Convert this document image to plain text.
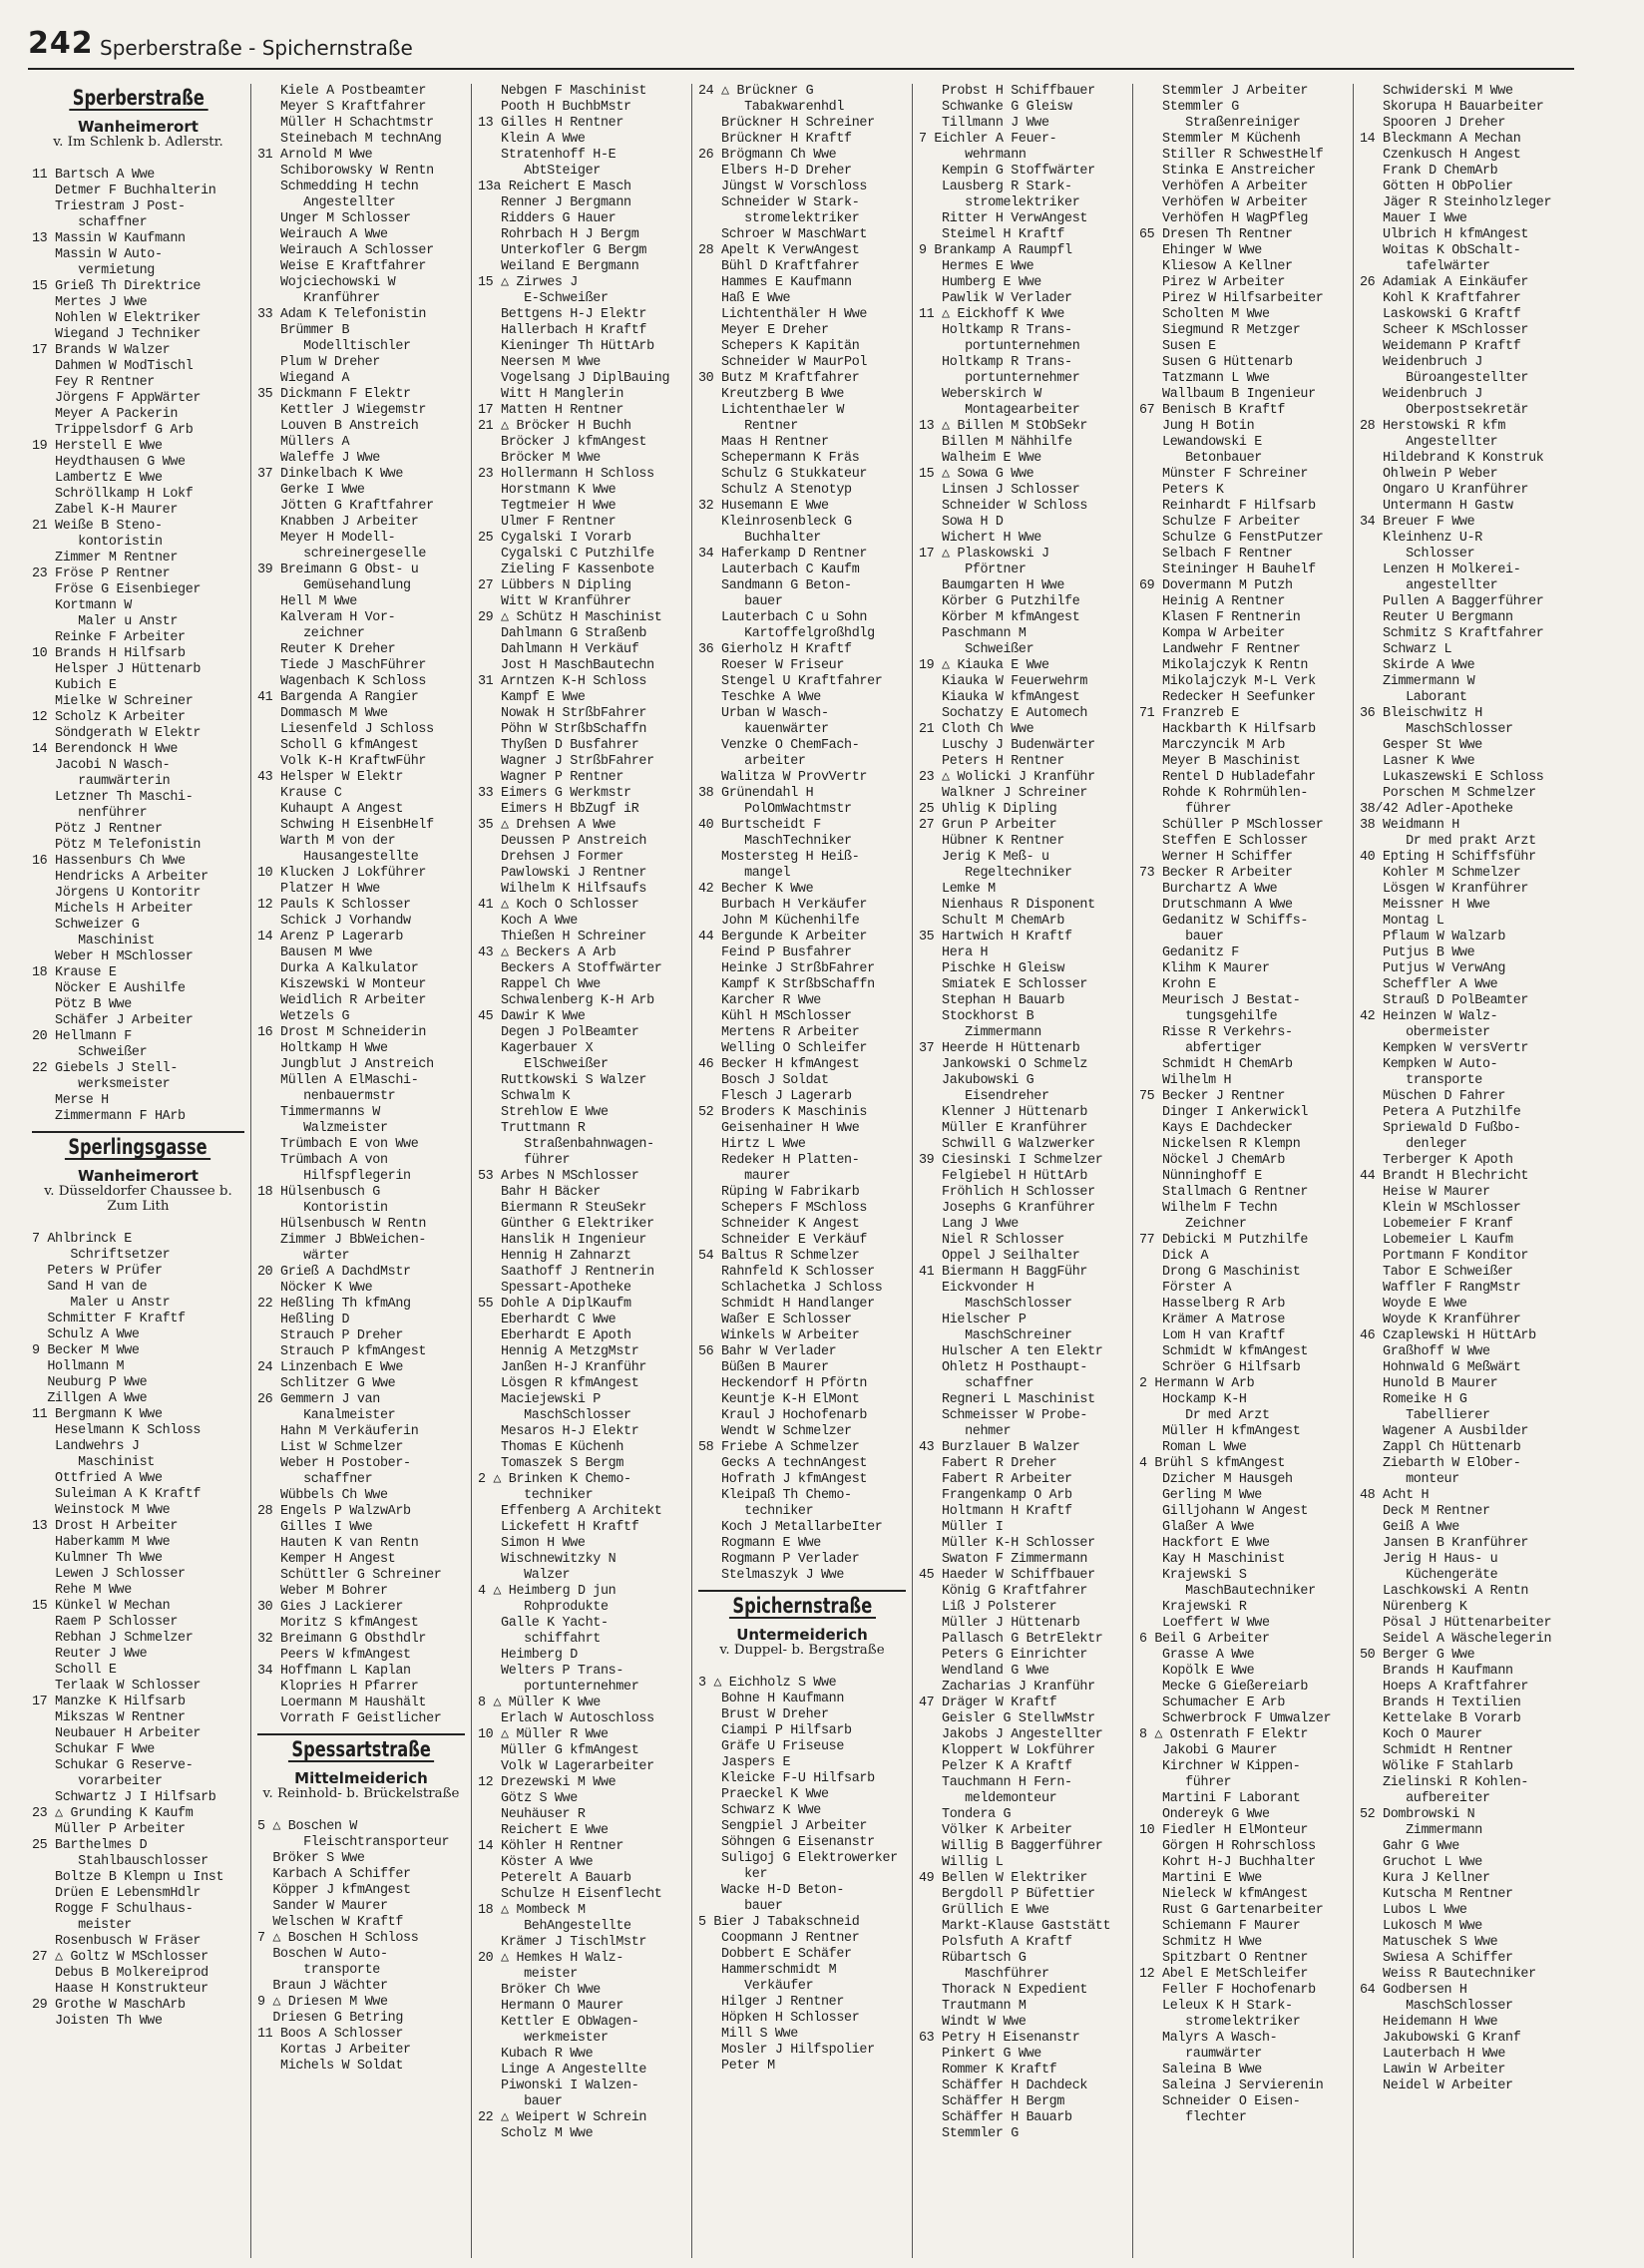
242 Sperberstraße - Spichernstraße
Sperberstraße
Wanheimerort
v. Im Schlenk b. Adlerstr.
11 Bartsch A Wwe
Detmer F Buchhalterin
Triestram J Post-
schaffner
13 Massin W Kaufmann
Massin W Auto-
vermietung
15 Grieß Th Direktrice
Mertes J Wwe
Nohlen W Elektriker
Wiegand J Techniker
17 Brands W Walzer
Dahmen W ModTischl
Fey R Rentner
Jörgens F AppWärter
Meyer A Packerin
Trippelsdorf G Arb
19 Herstell E Wwe
Heydthausen G Wwe
Lambertz E Wwe
Schröllkamp H Lokf
Zabel K-H Maurer
21 Weiße B Steno-
kontoristin
Zimmer M Rentner
23 Fröse P Rentner
Fröse G Eisenbieger
Kortmann W
Maler u Anstr
Reinke F Arbeiter
10 Brands H Hilfsarb
Helsper J Hüttenarb
Kubich E
Mielke W Schreiner
12 Scholz K Arbeiter
Söndgerath W Elektr
14 Berendonck H Wwe
Jacobi N Wasch-
raumwärterin
Letzner Th Maschi-
nenführer
Pötz J Rentner
Pötz M Telefonistin
16 Hassenburs Ch Wwe
Hendricks A Arbeiter
Jörgens U Kontoritr
Michels H Arbeiter
Schweizer G
Maschinist
Weber H MSchlosser
18 Krause E
Nöcker E Aushilfe
Pötz B Wwe
Schäfer J Arbeiter
20 Hellmann F
Schweißer
22 Giebels J Stell-
werksmeister
Merse H
Zimmermann F HArb
Sperlingsgasse
Wanheimerort
v. Düsseldorfer Chaussee b. Zum Lith
7 Ahlbrinck E
Schriftsetzer
Peters W Prüfer
Sand H van de
Maler u Anstr
Schmitter F Kraftf
Schulz A Wwe
9 Becker M Wwe
Hollmann M
Neuburg P Wwe
Zillgen A Wwe
11 Bergmann K Wwe
Heselmann K Schloss
Landwehrs J
Maschinist
Ottfried A Wwe
Suleiman A K Kraftf
Weinstock M Wwe
13 Drost H Arbeiter
Haberkamm M Wwe
Kulmner Th Wwe
Lewen J Schlosser
Rehe M Wwe
15 Künkel W Mechan
Raem P Schlosser
Rebhan J Schmelzer
Reuter J Wwe
Scholl E
Terlaak W Schlosser
17 Manzke K Hilfsarb
Mikszas W Rentner
Neubauer H Arbeiter
Schukar F Wwe
Schukar G Reserve-
vorarbeiter
Schwartz J I Hilfsarb
23 △ Grunding K Kaufm
Müller P Arbeiter
25 Barthelmes D
Stahlbauschlosser
Boltze B Klempn u Inst
Drüen E LebensmHdlr
Rogge F Schulhaus-
meister
Rosenbusch W Fräser
27 △ Goltz W MSchlosser
Debus B Molkereiprod
Haase H Konstrukteur
29 Grothe W MaschArb
Joisten Th Wwe
Kiele A Postbeamter
Meyer S Kraftfahrer
Müller H Schachtmstr
Steinebach M technAng
31 Arnold M Wwe
Schiborowsky W Rentn
Schmedding H techn
Angestellter
Unger M Schlosser
Weirauch A Wwe
Weirauch A Schlosser
Weise E Kraftfahrer
Wojciechowski W
Kranführer
33 Adam K Telefonistin
Brümmer B
Modelltischler
Plum W Dreher
Wiegand A
35 Dickmann F Elektr
Kettler J Wiegemstr
Louven B Anstreich
Müllers A
Waleffe J Wwe
37 Dinkelbach K Wwe
Gerke I Wwe
Jötten G Kraftfahrer
Knabben J Arbeiter
Meyer H Modell-
schreinergeselle
39 Breimann G Obst- u
Gemüsehandlung
Hell M Wwe
Kalveram H Vor-
zeichner
Reuter K Dreher
Tiede J MaschFührer
Wagenbach K Schloss
41 Bargenda A Rangier
Dommasch M Wwe
Liesenfeld J Schloss
Scholl G kfmAngest
Volk K-H KraftwFühr
43 Helsper W Elektr
Krause C
Kuhaupt A Angest
Schwing H EisenbHelf
Warth M von der
Hausangestellte
10 Klucken J Lokführer
Platzer H Wwe
12 Pauls K Schlosser
Schick J Vorhandw
14 Arenz P Lagerarb
Bausen M Wwe
Durka A Kalkulator
Kiszewski W Monteur
Weidlich R Arbeiter
Wetzels G
16 Drost M Schneiderin
Holtkamp H Wwe
Jungblut J Anstreich
Müllen A ElMaschi-
nenbauermstr
Timmermanns W
Walzmeister
Trümbach E von Wwe
Trümbach A von
Hilfspflegerin
18 Hülsenbusch G
Kontoristin
Hülsenbusch W Rentn
Zimmer J BbWeichen-
wärter
20 Grieß A DachdMstr
Nöcker K Wwe
22 Heßling Th kfmAng
Heßling D
Strauch P Dreher
Strauch P kfmAngest
24 Linzenbach E Wwe
Schlitzer G Wwe
26 Gemmern J van
Kanalmeister
Hahn M Verkäuferin
List W Schmelzer
Weber H Postober-
schaffner
Wübbels Ch Wwe
28 Engels P WalzwArb
Gilles I Wwe
Hauten K van Rentn
Kemper H Angest
Schüttler G Schreiner
Weber M Bohrer
30 Gies J Lackierer
Moritz S kfmAngest
32 Breimann G Obsthdlr
Peers W kfmAngest
34 Hoffmann L Kaplan
Klopries H Pfarrer
Loermann M Haushält
Vorrath F Geistlicher
Spessartstraße
Mittelmeiderich
v. Reinhold- b. Brückelstraße
5 △ Boschen W
Fleischtransporteur
Bröker S Wwe
Karbach A Schiffer
Köpper J kfmAngest
Sander W Maurer
Welschen W Kraftf
7 △ Boschen H Schloss
Boschen W Auto-
transporte
Braun J Wächter
9 △ Driesen M Wwe
Driesen G Betring
11 Boos A Schlosser
Kortas J Arbeiter
Michels W Soldat
Nebgen F Maschinist
Pooth H BuchbMstr
13 Gilles H Rentner
Klein A Wwe
Stratenhoff H-E
AbtSteiger
13a Reichert E Masch
Renner J Bergmann
Ridders G Hauer
Rohrbach H J Bergm
Unterkofler G Bergm
Weiland E Bergmann
15 △ Zirwes J
E-Schweißer
Bettgens H-J Elektr
Hallerbach H Kraftf
Kieninger Th HüttArb
Neersen M Wwe
Vogelsang J DiplBauing
Witt H Manglerin
17 Matten H Rentner
21 △ Bröcker H Buchh
Bröcker J kfmAngest
Bröcker M Wwe
23 Hollermann H Schloss
Horstmann K Wwe
Tegtmeier H Wwe
Ulmer F Rentner
25 Cygalski I Vorarb
Cygalski C Putzhilfe
Zieling F Kassenbote
27 Lübbers N Dipling
Witt W Kranführer
29 △ Schütz H Maschinist
Dahlmann G Straßenb
Dahlmann H Verkäuf
Jost H MaschBautechn
31 Arntzen K-H Schloss
Kampf E Wwe
Nowak H StrßbFahrer
Pöhn W StrßbSchaffn
Thyßen D Busfahrer
Wagner J StrßbFahrer
Wagner P Rentner
33 Eimers G Werkmstr
Eimers H BbZugf iR
35 △ Drehsen A Wwe
Deussen P Anstreich
Drehsen J Former
Pawlowski J Rentner
Wilhelm K Hilfsaufs
41 △ Koch O Schlosser
Koch A Wwe
Thießen H Schreiner
43 △ Beckers A Arb
Beckers A Stoffwärter
Rappel Ch Wwe
Schwalenberg K-H Arb
45 Dawir K Wwe
Degen J PolBeamter
Kagerbauer X
ElSchweißer
Ruttkowski S Walzer
Schwalm K
Strehlow E Wwe
Truttmann R
Straßenbahnwagen-
führer
53 Arbes N MSchlosser
Bahr H Bäcker
Biermann R SteuSekr
Günther G Elektriker
Hanslik H Ingenieur
Hennig H Zahnarzt
Saathoff J Rentnerin
Spessart-Apotheke
55 Dohle A DiplKaufm
Eberhardt C Wwe
Eberhardt E Apoth
Hennig A MetzgMstr
Janßen H-J Kranführ
Lösgen R kfmAngest
Maciejewski P
MaschSchlosser
Mesaros H-J Elektr
Thomas E Küchenh
Tomaszek S Bergm
2 △ Brinken K Chemo-
techniker
Effenberg A Architekt
Lickefett H Kraftf
Simon H Wwe
Wischnewitzky N
Walzer
4 △ Heimberg D jun
Rohprodukte
Galle K Yacht-
schiffahrt
Heimberg D
Welters P Trans-
portunternehmer
8 △ Müller K Wwe
Erlach W Autoschloss
10 △ Müller R Wwe
Müller G kfmAngest
Volk W Lagerarbeiter
12 Drezewski M Wwe
Götz S Wwe
Neuhäuser R
Reichert E Wwe
14 Köhler H Rentner
Köster A Wwe
Peterelt A Bauarb
Schulze H Eisenflecht
18 △ Mombeck M
BehAngestellte
Krämer J TischlMstr
20 △ Hemkes H Walz-
meister
Bröker Ch Wwe
Hermann O Maurer
Kettler E ObWagen-
werkmeister
Kubach R Wwe
Linge A Angestellte
Piwonski I Walzen-
bauer
22 △ Weipert W Schrein
Scholz M Wwe
24 △ Brückner G
Tabakwarenhdl
Brückner H Schreiner
Brückner H Kraftf
26 Brögmann Ch Wwe
Elbers H-D Dreher
Jüngst W Vorschloss
Schneider W Stark-
stromelektriker
Schroer W MaschWart
28 Apelt K VerwAngest
Bühl D Kraftfahrer
Hammes E Kaufmann
Haß E Wwe
Lichtenthäler H Wwe
Meyer E Dreher
Schepers K Kapitän
Schneider W MaurPol
30 Butz M Kraftfahrer
Kreutzberg B Wwe
Lichtenthaeler W
Rentner
Maas H Rentner
Schepermann K Fräs
Schulz G Stukkateur
Schulz A Stenotyp
32 Husemann E Wwe
Kleinrosenbleck G
Buchhalter
34 Haferkamp D Rentner
Lauterbach C Kaufm
Sandmann G Beton-
bauer
Lauterbach C u Sohn
Kartoffelgroßhdlg
36 Gierholz H Kraftf
Roeser W Friseur
Stengel U Kraftfahrer
Teschke A Wwe
Urban W Wasch-
kauenwärter
Venzke O ChemFach-
arbeiter
Walitza W ProvVertr
38 Grünendahl H
PolOmWachtmstr
40 Burtscheidt F
MaschTechniker
Mostersteg H Heiß-
mangel
42 Becher K Wwe
Burbach H Verkäufer
John M Küchenhilfe
44 Bergunde K Arbeiter
Feind P Busfahrer
Heinke J StrßbFahrer
Kampf K StrßbSchaffn
Karcher R Wwe
Kühl H MSchlosser
Mertens R Arbeiter
Welling O Schleifer
46 Becker H kfmAngest
Bosch J Soldat
Flesch J Lagerarb
52 Broders K Maschinis
Geisenhainer H Wwe
Hirtz L Wwe
Redeker H Platten-
maurer
Rüping W Fabrikarb
Schepers F MSchloss
Schneider K Angest
Schneider E Verkäuf
54 Baltus R Schmelzer
Rahnfeld K Schlosser
Schlachetka J Schloss
Schmidt H Handlanger
Waßer E Schlosser
Winkels W Arbeiter
56 Bahr W Verlader
Büßen B Maurer
Heckendorf H Pförtn
Keuntje K-H ElMont
Kraul J Hochofenarb
Wendt W Schmelzer
58 Friebe A Schmelzer
Gecks A technAngest
Hofrath J kfmAngest
Kleipaß Th Chemo-
techniker
Koch J MetallarbeIter
Rogmann E Wwe
Rogmann P Verlader
Stelmaszyk J Wwe
Spichernstraße
Untermeiderich
v. Duppel- b. Bergstraße
3 △ Eichholz S Wwe
Bohne H Kaufmann
Brust W Dreher
Ciampi P Hilfsarb
Gräfe U Friseuse
Jaspers E
Kleicke F-U Hilfsarb
Praeckel K Wwe
Schwarz K Wwe
Sengpiel J Arbeiter
Söhngen G Eisenanstr
Suligoj G Elektrowerker
ker
Wacke H-D Beton-
bauer
5 Bier J Tabakschneid
Coopmann J Rentner
Dobbert E Schäfer
Hammerschmidt M
Verkäufer
Hilger J Rentner
Höpken H Schlosser
Mill S Wwe
Mosler J Hilfspolier
Peter M
Probst H Schiffbauer
Schwanke G Gleisw
Tillmann J Wwe
7 Eichler A Feuer-
wehrmann
Kempin G Stoffwärter
Lausberg R Stark-
stromelektriker
Ritter H VerwAngest
Steimel H Kraftf
9 Brankamp A Raumpfl
Hermes E Wwe
Humberg E Wwe
Pawlik W Verlader
11 △ Eickhoff K Wwe
Holtkamp R Trans-
portunternehmen
Holtkamp R Trans-
portunternehmer
Weberskirch W
Montagearbeiter
13 △ Billen M StObSekr
Billen M Nähhilfe
Walheim E Wwe
15 △ Sowa G Wwe
Linsen J Schlosser
Schneider W Schloss
Sowa H D
Wichert H Wwe
17 △ Plaskowski J
Pförtner
Baumgarten H Wwe
Körber G Putzhilfe
Körber M kfmAngest
Paschmann M
Schweißer
19 △ Kiauka E Wwe
Kiauka W Feuerwehrm
Kiauka W kfmAngest
Sochatzy E Automech
21 Cloth Ch Wwe
Luschy J Budenwärter
Peters H Rentner
23 △ Wolicki J Kranführ
Walkner J Schreiner
25 Uhlig K Dipling
27 Grun P Arbeiter
Hübner K Rentner
Jerig K Meß- u
Regeltechniker
Lemke M
Nienhaus R Disponent
Schult M ChemArb
35 Hartwich H Kraftf
Hera H
Pischke H Gleisw
Smiatek E Schlosser
Stephan H Bauarb
Stockhorst B
Zimmermann
37 Heerde H Hüttenarb
Jankowski O Schmelz
Jakubowski G
Eisendreher
Klenner J Hüttenarb
Müller E Kranführer
Schwill G Walzwerker
39 Ciesinski I Schmelzer
Felgiebel H HüttArb
Fröhlich H Schlosser
Josephs G Kranführer
Lang J Wwe
Niel R Schlosser
Oppel J Seilhalter
41 Biermann H BaggFühr
Eickvonder H
MaschSchlosser
Hielscher P
MaschSchreiner
Hulscher A ten Elektr
Ohletz H Posthaupt-
schaffner
Regneri L Maschinist
Schmeisser W Probe-
nehmer
43 Burzlauer B Walzer
Fabert R Dreher
Fabert R Arbeiter
Frangenkamp O Arb
Holtmann H Kraftf
Müller I
Müller K-H Schlosser
Swaton F Zimmermann
45 Haeder W Schiffbauer
König G Kraftfahrer
Liß J Polsterer
Müller J Hüttenarb
Pallasch G BetrElektr
Peters G Einrichter
Wendland G Wwe
Zacharias J Kranführ
47 Dräger W Kraftf
Geisler G StellwMstr
Jakobs J Angestellter
Kloppert W Lokführer
Pelzer K A Kraftf
Tauchmann H Fern-
meldemonteur
Tondera G
Völker K Arbeiter
Willig B Baggerführer
Willig L
49 Bellen W Elektriker
Bergdoll P Büfettier
Grüllich E Wwe
Markt-Klause Gaststätt
Polsfuth A Kraftf
Rübartsch G
Maschführer
Thorack N Expedient
Trautmann M
Windt W Wwe
63 Petry H Eisenanstr
Pinkert G Wwe
Rommer K Kraftf
Schäffer H Dachdeck
Schäffer H Bergm
Schäffer H Bauarb
Stemmler G
Stemmler J Arbeiter
Stemmler G
Straßenreiniger
Stemmler M Küchenh
Stiller R SchwestHelf
Stinka E Anstreicher
Verhöfen A Arbeiter
Verhöfen W Arbeiter
Verhöfen H WagPfleg
65 Dresen Th Rentner
Ehinger W Wwe
Kliesow A Kellner
Pirez W Arbeiter
Pirez W Hilfsarbeiter
Scholten M Wwe
Siegmund R Metzger
Susen E
Susen G Hüttenarb
Tatzmann L Wwe
Wallbaum B Ingenieur
67 Benisch B Kraftf
Jung H Botin
Lewandowski E
Betonbauer
Münster F Schreiner
Peters K
Reinhardt F Hilfsarb
Schulze F Arbeiter
Schulze G FenstPutzer
Selbach F Rentner
Steininger H Bauhelf
69 Dovermann M Putzh
Heinig A Rentner
Klasen F Rentnerin
Kompa W Arbeiter
Landwehr F Rentner
Mikolajczyk K Rentn
Mikolajczyk M-L Verk
Redecker H Seefunker
71 Franzreb E
Hackbarth K Hilfsarb
Marczyncik M Arb
Meyer B Maschinist
Rentel D Hubladefahr
Rohde K Rohrmühlen-
führer
Schüller P MSchlosser
Steffen E Schlosser
Werner H Schiffer
73 Becker R Arbeiter
Burchartz A Wwe
Drutschmann A Wwe
Gedanitz W Schiffs-
bauer
Gedanitz F
Klihm K Maurer
Krohn E
Meurisch J Bestat-
tungsgehilfe
Risse R Verkehrs-
abfertiger
Schmidt H ChemArb
Wilhelm H
75 Becker J Rentner
Dinger I Ankerwickl
Kays E Dachdecker
Nickelsen R Klempn
Nöckel J ChemArb
Nünninghoff E
Stallmach G Rentner
Wilhelm F Techn
Zeichner
77 Debicki M Putzhilfe
Dick A
Drong G Maschinist
Förster A
Hasselberg R Arb
Krämer A Matrose
Lom H van Kraftf
Schmidt W kfmAngest
Schröer G Hilfsarb
2 Hermann W Arb
Hockamp K-H
Dr med Arzt
Müller H kfmAngest
Roman L Wwe
4 Brühl S kfmAngest
Dzicher M Hausgeh
Gerling M Wwe
Gilljohann W Angest
Glaßer A Wwe
Hackfort E Wwe
Kay H Maschinist
Krajewski S
MaschBautechniker
Krajewski R
Loeffert W Wwe
6 Beil G Arbeiter
Grasse A Wwe
Kopölk E Wwe
Mecke G Gießereiarb
Schumacher E Arb
Schwerbrock F Umwalzer
8 △ Ostenrath F Elektr
Jakobi G Maurer
Kirchner W Kippen-
führer
Martini F Laborant
Ondereyk G Wwe
10 Fiedler H ElMonteur
Görgen H Rohrschloss
Kohrt H-J Buchhalter
Martini E Wwe
Nieleck W kfmAngest
Rust G Gartenarbeiter
Schiemann F Maurer
Schmitz H Wwe
Spitzbart O Rentner
12 Abel E MetSchleifer
Feller F Hochofenarb
Leleux K H Stark-
stromelektriker
Malyrs A Wasch-
raumwärter
Saleina B Wwe
Saleina J Servierenin
Schneider O Eisen-
flechter
Schwiderski M Wwe
Skorupa H Bauarbeiter
Spooren J Dreher
14 Bleckmann A Mechan
Czenkusch H Angest
Frank D ChemArb
Götten H ObPolier
Jäger R Steinholzleger
Mauer I Wwe
Ulbrich H kfmAngest
Woitas K ObSchalt-
tafelwärter
26 Adamiak A Einkäufer
Kohl K Kraftfahrer
Laskowski G Kraftf
Scheer K MSchlosser
Weidemann P Kraftf
Weidenbruch J
Büroangestellter
Weidenbruch J
Oberpostsekretär
28 Herstowski R kfm
Angestellter
Hildebrand K Konstruk
Ohlwein P Weber
Ongaro U Kranführer
Untermann H Gastw
34 Breuer F Wwe
Kleinhenz U-R
Schlosser
Lenzen H Molkerei-
angestellter
Pullen A Baggerführer
Reuter U Bergmann
Schmitz S Kraftfahrer
Schwarz L
Skirde A Wwe
Zimmermann W
Laborant
36 Bleischwitz H
MaschSchlosser
Gesper St Wwe
Lasner K Wwe
Lukaszewski E Schloss
Porschen M Schmelzer
38/42 Adler-Apotheke
38 Weidmann H
Dr med prakt Arzt
40 Epting H Schiffsführ
Kohler M Schmelzer
Lösgen W Kranführer
Meissner H Wwe
Montag L
Pflaum W Walzarb
Putjus B Wwe
Putjus W VerwAng
Scheffler A Wwe
Strauß D PolBeamter
42 Heinzen W Walz-
obermeister
Kempken W versVertr
Kempken W Auto-
transporte
Müschen D Fahrer
Petera A Putzhilfe
Spriewald D Fußbo-
denleger
Terberger K Apoth
44 Brandt H Blechricht
Heise W Maurer
Klein W MSchlosser
Lobemeier F Kranf
Lobemeier L Kaufm
Portmann F Konditor
Tabor E Schweißer
Waffler F RangMstr
Woyde E Wwe
Woyde K Kranführer
46 Czaplewski H HüttArb
Graßhoff W Wwe
Hohnwald G Meßwärt
Hunold B Maurer
Romeike H G
Tabellierer
Wagener A Ausbilder
Zappl Ch Hüttenarb
Ziebarth W ElOber-
monteur
48 Acht H
Deck M Rentner
Geiß A Wwe
Jansen B Kranführer
Jerig H Haus- u
Küchengeräte
Laschkowski A Rentn
Nürenberg K
Pösal J Hüttenarbeiter
Seidel A Wäschelegerin
50 Berger G Wwe
Brands H Kaufmann
Hoeps A Kraftfahrer
Brands H Textilien
Kettelake B Vorarb
Koch O Maurer
Schmidt H Rentner
Wölike F Stahlarb
Zielinski R Kohlen-
aufbereiter
52 Dombrowski N
Zimmermann
Gahr G Wwe
Gruchot L Wwe
Kura J Kellner
Kutscha M Rentner
Lubos L Wwe
Lukosch M Wwe
Matuschek S Wwe
Swiesa A Schiffer
Weiss R Bautechniker
64 Godbersen H
MaschSchlosser
Heidemann H Wwe
Jakubowski G Kranf
Lauterbach H Wwe
Lawin W Arbeiter
Neidel W Arbeiter
